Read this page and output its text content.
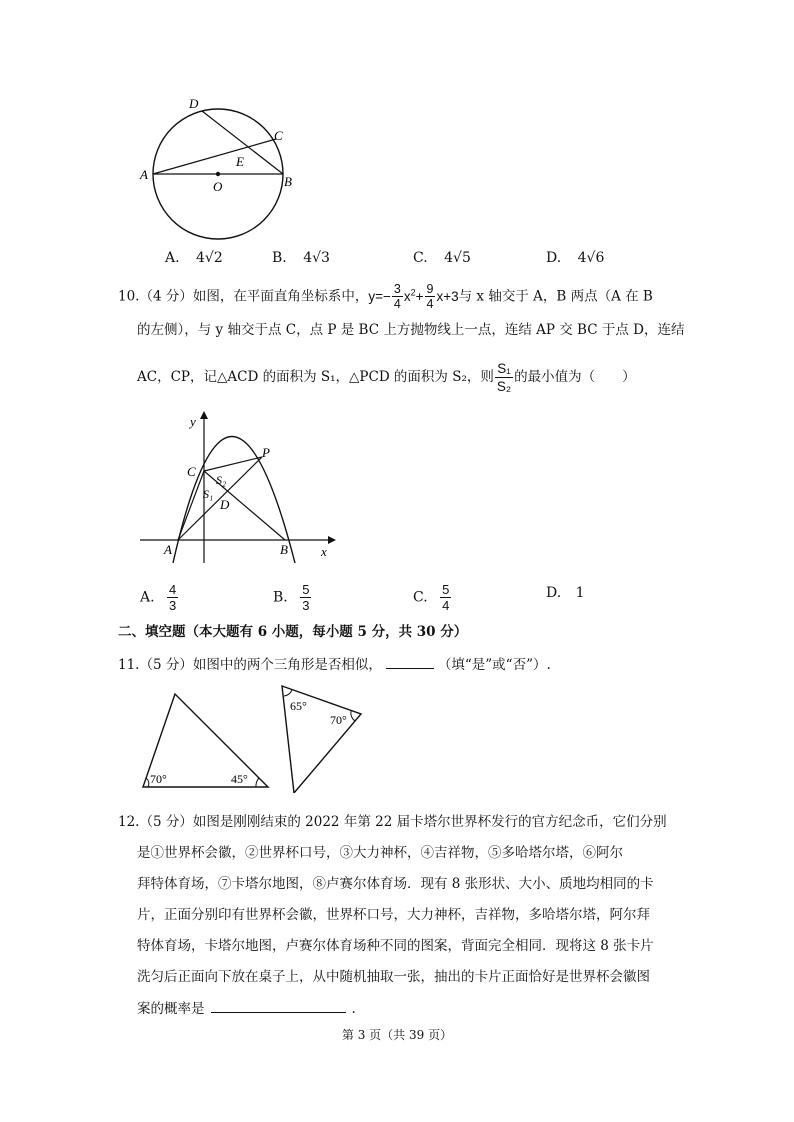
D
C
E
A
O	B
A. 4√2	B. 4√3	C. 4√5	D. 4√6
10.（4 分）如图，在平面直角坐标系中，$y=- \frac{3}{4} x^2+ \frac{9}{4} x+3$与 x 轴交于 A，B 两点（A 在 B
的左侧），与 y 轴交于点 C，点 P 是 BC 上方抛物线上一点，连结 AP 交 BC 于点 D，连结
AC，CP，记△ACD 的面积为 S₁，△PCD 的面积为 S₂，则 $\frac{\text{S₁}}{\text{S₂}}$ 的最小值为（　　）
y
x
C
P
S₂
S₁
D
A	B
A. $\frac{4}{3}$	B. $\frac{5}{3}$	C. $\frac{5}{4}$	D. 1
二、填空题（本大题有 6 小题，每小题 5 分，共 30 分）
11.（5 分）如图中的两个三角形是否相似，	（填“是”或“否”）.
70°	45°
65°
70°
12.（5 分）如图是刚刚结束的 2022 年第 22 届卡塔尔世界杯发行的官方纪念币，它们分别
是①世界杯会徽，②世界杯口号，③大力神杯，④吉祥物，⑤多哈塔尔塔，⑥阿尔
拜特体育场，⑦卡塔尔地图，⑧卢赛尔体育场．现有 8 张形状、大小、质地均相同的卡
片，正面分别印有世界杯会徽，世界杯口号，大力神杯，吉祥物，多哈塔尔塔，阿尔拜
特体育场，卡塔尔地图，卢赛尔体育场种不同的图案，背面完全相同．现将这 8 张卡片
洗匀后正面向下放在桌子上，从中随机抽取一张，抽出的卡片正面恰好是世界杯会徽图
案的概率是	.
第 3 页（共 39 页）
